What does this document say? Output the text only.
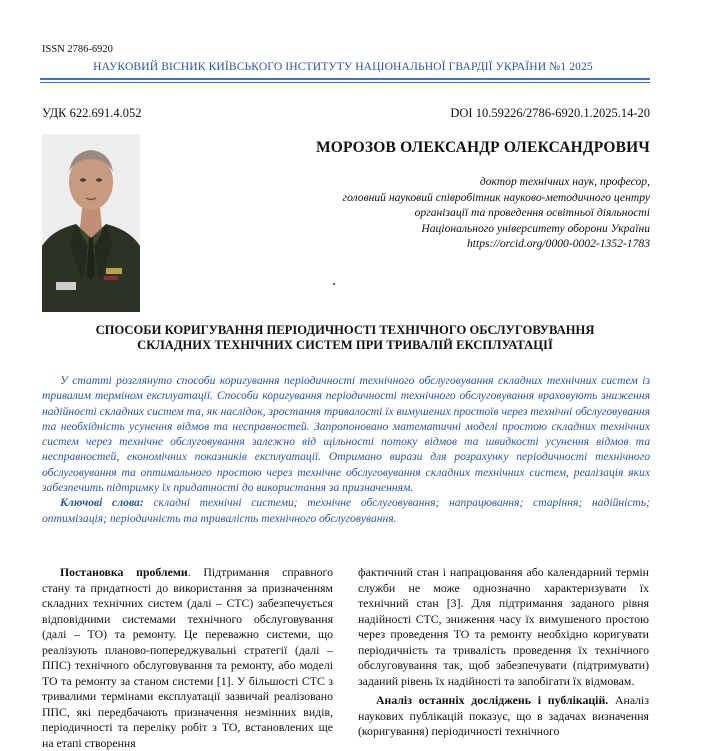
ISSN 2786-6920
НАУКОВИЙ ВІСНИК КИЇВСЬКОГО ІНСТИТУТУ НАЦІОНАЛЬНОЇ ГВАРДІЇ УКРАЇНИ №1 2025
УДК 622.691.4.052	DOI 10.59226/2786-6920.1.2025.14-20
МОРОЗОВ ОЛЕКСАНДР ОЛЕКСАНДРОВИЧ
доктор технічних наук, професор,
головний науковий співробітник науково-методичного центру
організації та проведення освітньої діяльності
Національного університету оборони України
https://orcid.org/0000-0002-1352-1783
СПОСОБИ КОРИГУВАННЯ ПЕРІОДИЧНОСТІ ТЕХНІЧНОГО ОБСЛУГОВУВАННЯ
СКЛАДНИХ ТЕХНІЧНИХ СИСТЕМ ПРИ ТРИВАЛІЙ ЕКСПЛУАТАЦІЇ

У статті розглянуто способи коригування періодичності технічного обслуговування складних технічних систем із тривалим терміном експлуатації. Способи коригування періодичності технічного обслуговування враховують зниження надійності складних систем та, як наслідок, зростання тривалості їх вимушених простоїв через технічні обслуговування та необхідність усунення відмов та несправностей. Запропоновано математичні моделі простою складних технічних систем через технічне обслуговування залежно від щільності потоку відмов та швидкості усунення відмов та несправностей, економічних показників експлуатації. Отримано вирази для розрахунку періодичності технічного обслуговування та оптимального простою через технічне обслуговування складних технічних систем, реалізація яких забезпечить підтримку їх придатності до використання за призначенням.

Ключові слова: складні технічні системи; технічне обслуговування; напрацювання; старіння; надійність; оптимізація; періодичність та тривалість технічного обслуговування.

Постановка проблеми. Підтримання справного стану та придатності до використання за призначенням складних технічних систем (далі – СТС) забезпечується відповідними системами технічного обслуговування (далі – ТО) та ремонту. Це переважно системи, що реалізують планово-попереджувальні стратегії (далі – ППС) технічного обслуговування та ремонту, або моделі ТО та ремонту за станом системи [1]. У більшості СТС з тривалими термінами експлуатації зазвичай реалізовано ППС, які передбачають призначення незмінних видів, періодичності та переліку робіт з ТО, встановлених ще на етапі створення

фактичний стан і напрацювання або календарний термін служби не може однозначно характеризувати їх технічний стан [3]. Для підтримання заданого рівня надійності СТС, зниження часу їх вимушеного простою через проведення ТО та ремонту необхідно коригувати періодичність та тривалість проведення їх технічного обслуговування так, щоб забезпечувати (підтримувати) заданий рівень їх надійності та запобігати їх відмовам.

Аналіз останніх досліджень і публікацій. Аналіз наукових публікацій показує, що в задачах визначення (коригування) періодичності технічного
